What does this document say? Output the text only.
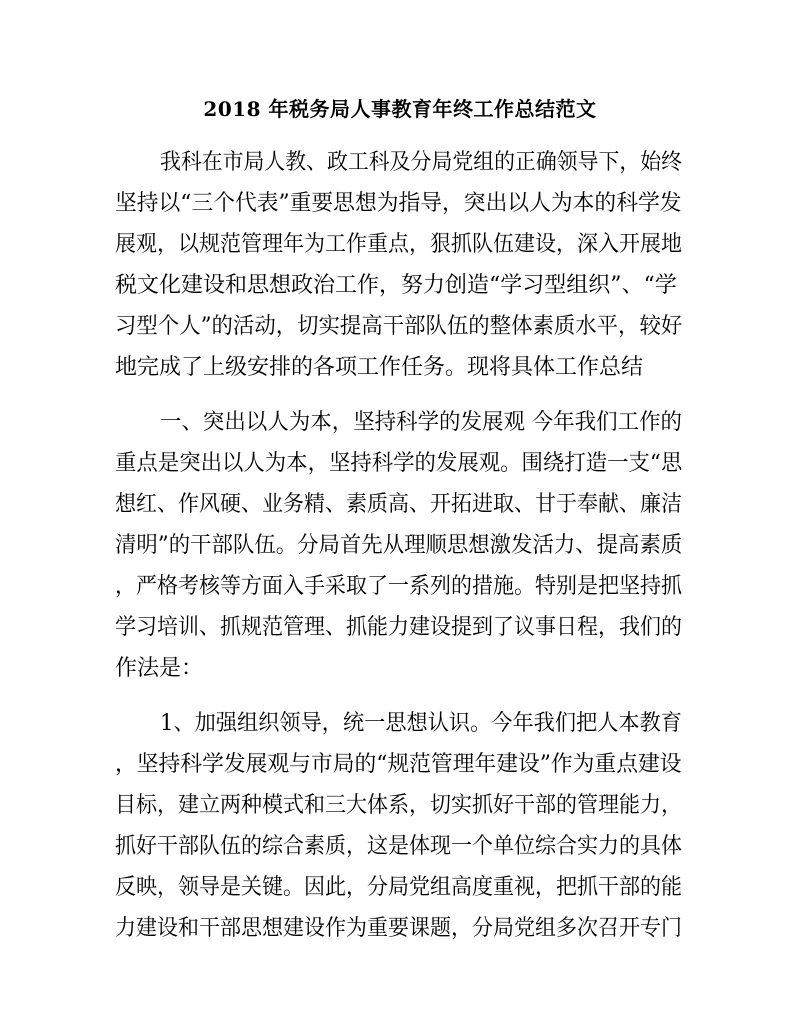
2018 年税务局人事教育年终工作总结范文

我科在市局人教、政工科及分局党组的正确领导下，始终

坚持以“三个代表”重要思想为指导，突出以人为本的科学发

展观，以规范管理年为工作重点，狠抓队伍建设，深入开展地

税文化建设和思想政治工作，努力创造“学习型组织”、“学

习型个人”的活动，切实提高干部队伍的整体素质水平，较好

地完成了上级安排的各项工作任务。现将具体工作总结

一、突出以人为本，坚持科学的发展观 今年我们工作的

重点是突出以人为本，坚持科学的发展观。围绕打造一支“思

想红、作风硬、业务精、素质高、开拓进取、甘于奉献、廉洁

清明”的干部队伍。分局首先从理顺思想激发活力、提高素质

，严格考核等方面入手采取了一系列的措施。特别是把坚持抓

学习培训、抓规范管理、抓能力建设提到了议事日程，我们的

作法是：

1、加强组织领导，统一思想认识。今年我们把人本教育

，坚持科学发展观与市局的“规范管理年建设”作为重点建设

目标，建立两种模式和三大体系，切实抓好干部的管理能力，

抓好干部队伍的综合素质，这是体现一个单位综合实力的具体

反映，领导是关键。因此，分局党组高度重视，把抓干部的能

力建设和干部思想建设作为重要课题，分局党组多次召开专门
